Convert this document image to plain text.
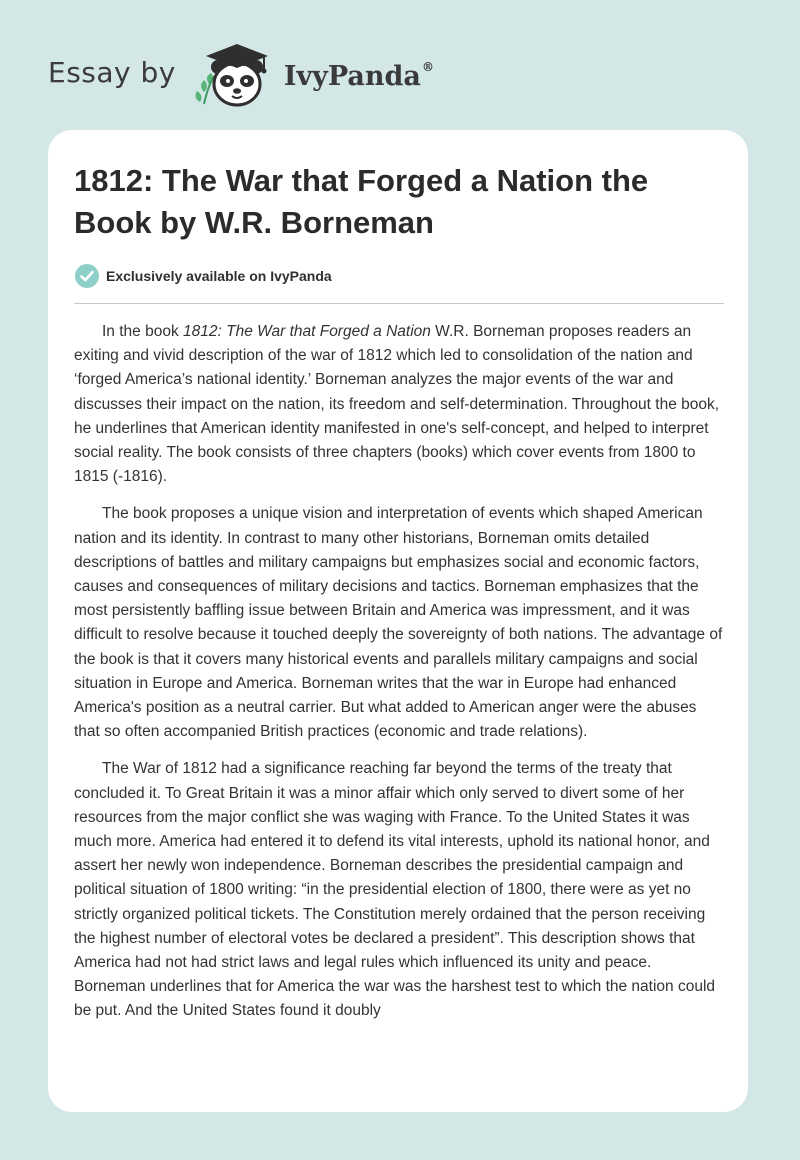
Essay by	IvyPanda®
1812: The War that Forged a Nation the Book by W.R. Borneman
Exclusively available on IvyPanda

In the book 1812: The War that Forged a Nation W.R. Borneman proposes readers an exiting and vivid description of the war of 1812 which led to consolidation of the nation and ‘forged America’s national identity.’ Borneman analyzes the major events of the war and discusses their impact on the nation, its freedom and self-determination. Throughout the book, he underlines that American identity manifested in one's self-concept, and helped to interpret social reality. The book consists of three chapters (books) which cover events from 1800 to 1815 (-1816).

The book proposes a unique vision and interpretation of events which shaped American nation and its identity. In contrast to many other historians, Borneman omits detailed descriptions of battles and military campaigns but emphasizes social and economic factors, causes and consequences of military decisions and tactics. Borneman emphasizes that the most persistently baffling issue between Britain and America was impressment, and it was difficult to resolve because it touched deeply the sovereignty of both nations. The advantage of the book is that it covers many historical events and parallels military campaigns and social situation in Europe and America. Borneman writes that the war in Europe had enhanced America's position as a neutral carrier. But what added to American anger were the abuses that so often accompanied British practices (economic and trade relations).

The War of 1812 had a significance reaching far beyond the terms of the treaty that concluded it. To Great Britain it was a minor affair which only served to divert some of her resources from the major conflict she was waging with France. To the United States it was much more. America had entered it to defend its vital interests, uphold its national honor, and assert her newly won independence. Borneman describes the presidential campaign and political situation of 1800 writing: “in the presidential election of 1800, there were as yet no strictly organized political tickets. The Constitution merely ordained that the person receiving the highest number of electoral votes be declared a president”. This description shows that America had not had strict laws and legal rules which influenced its unity and peace. Borneman underlines that for America the war was the harshest test to which the nation could be put. And the United States found it doubly
